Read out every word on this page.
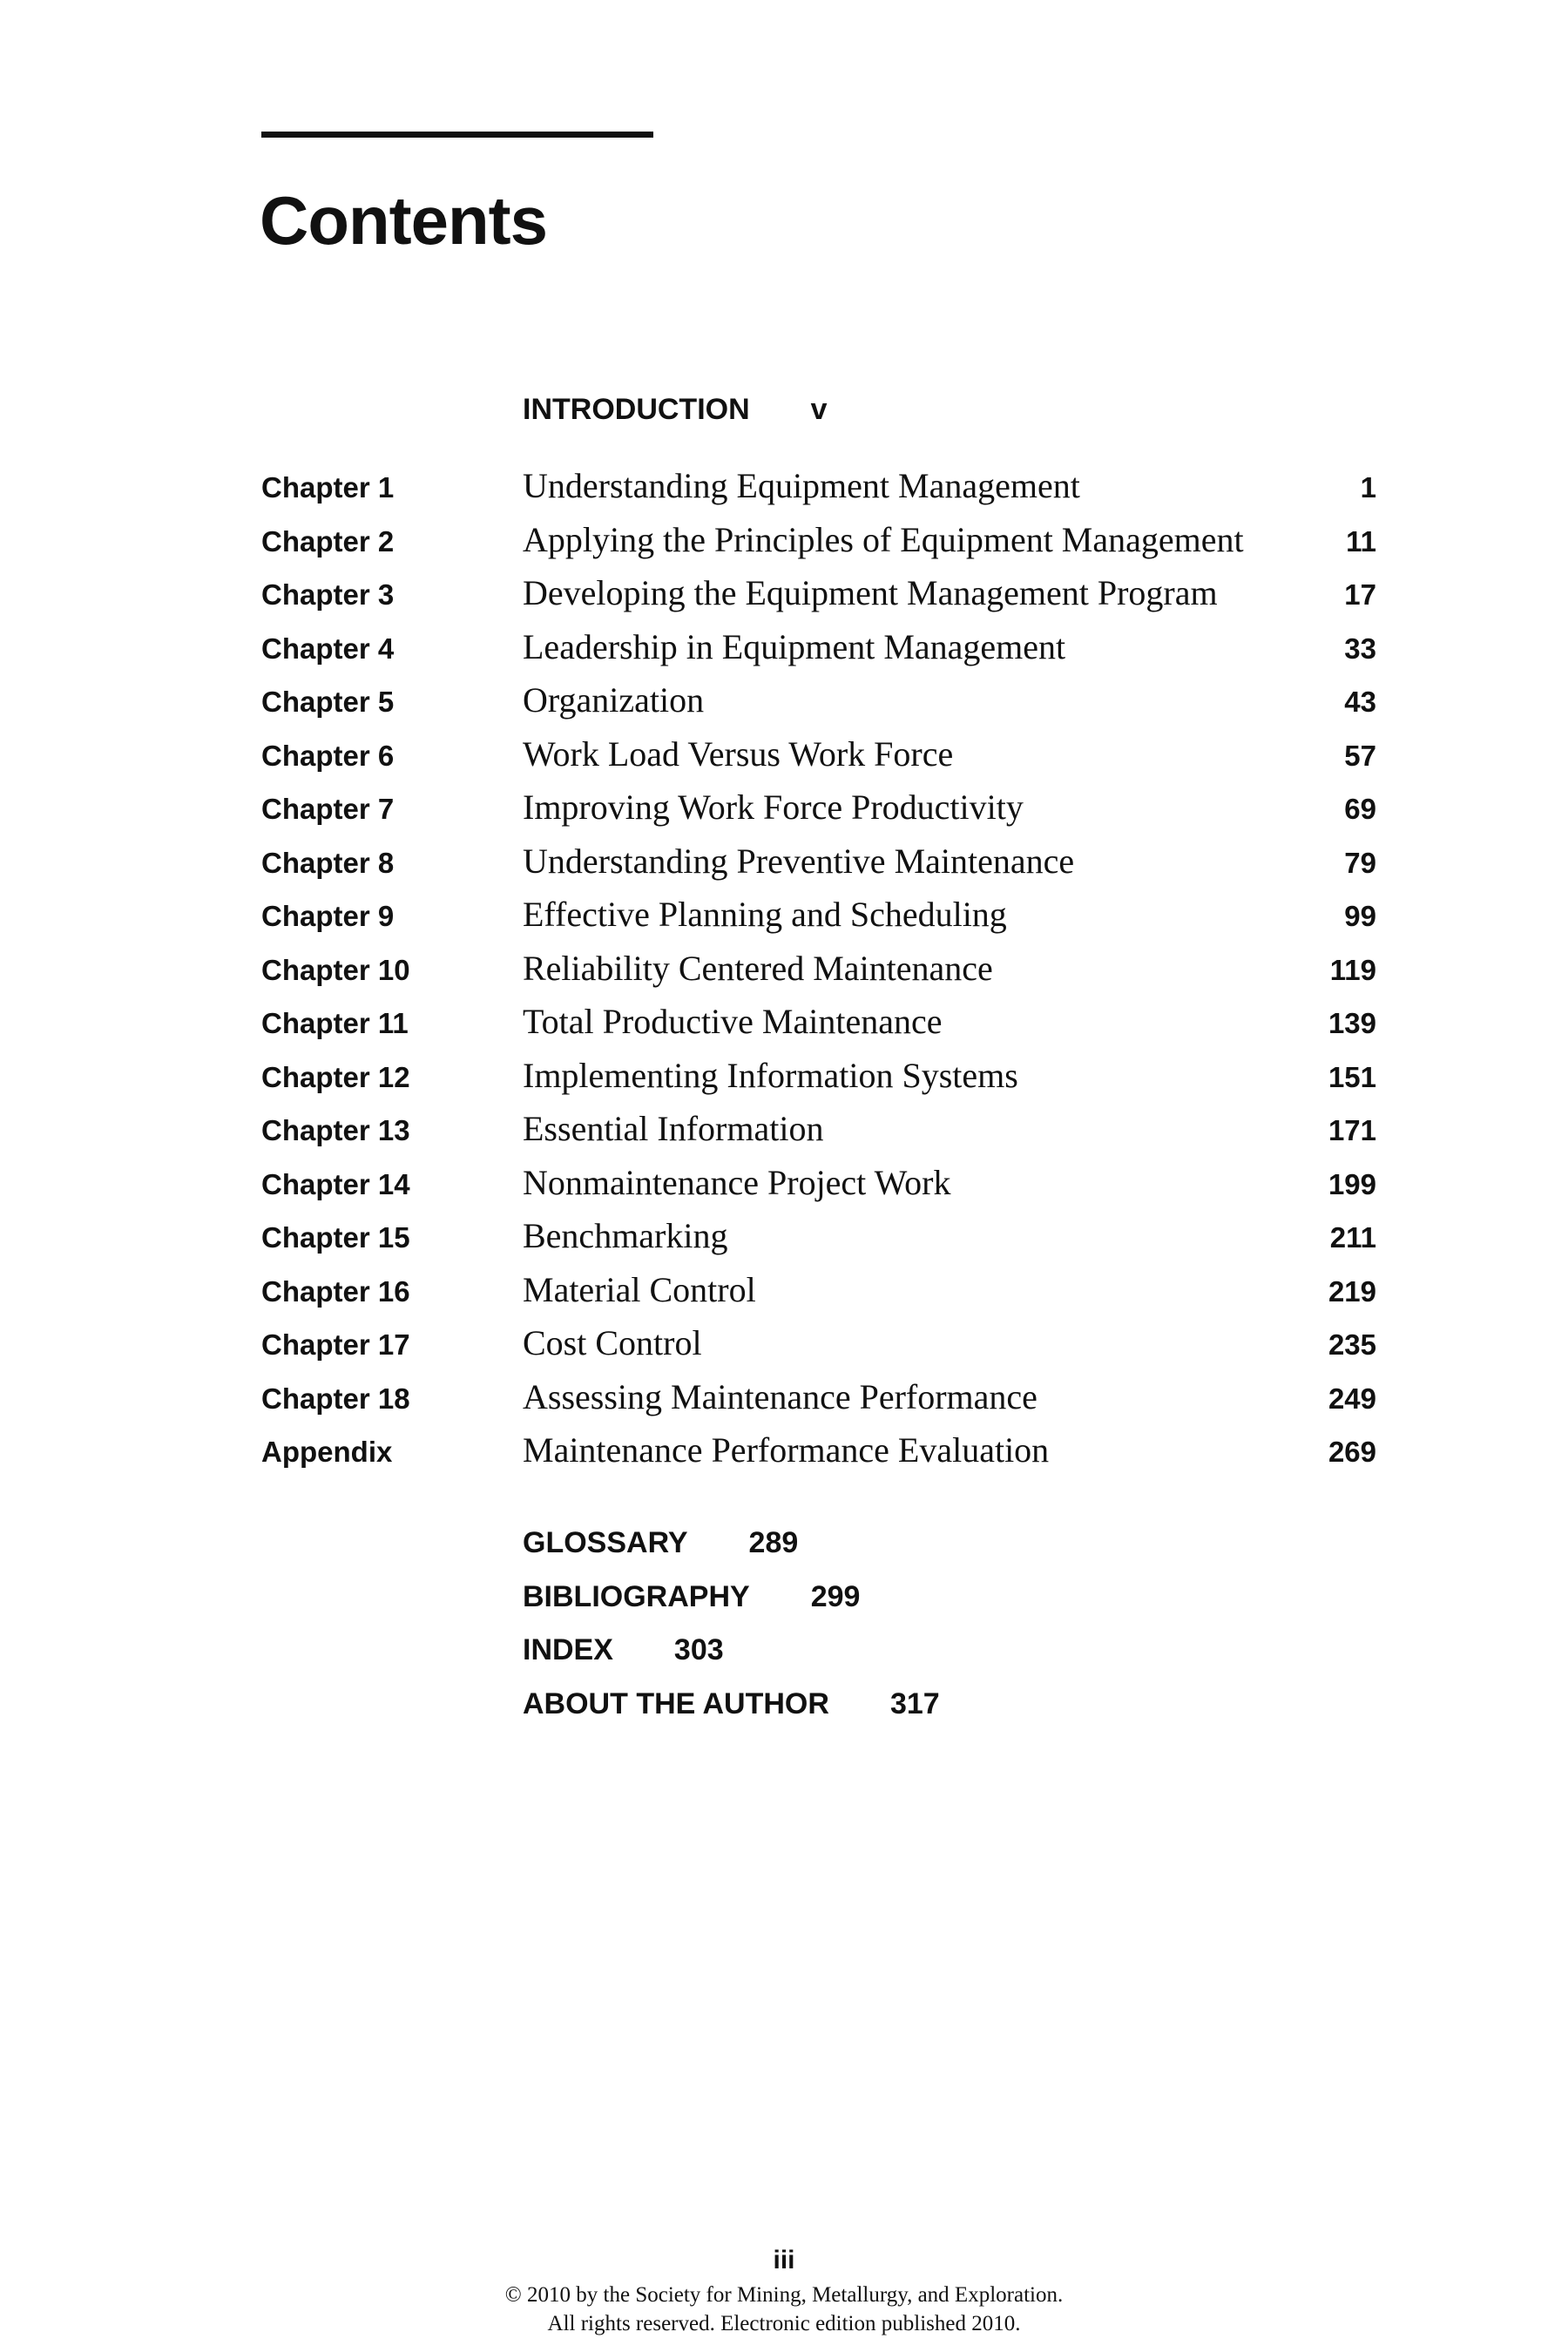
Contents
INTRODUCTION v
Chapter 1	Understanding Equipment Management	1
Chapter 2	Applying the Principles of Equipment Management	11
Chapter 3	Developing the Equipment Management Program	17
Chapter 4	Leadership in Equipment Management	33
Chapter 5	Organization	43
Chapter 6	Work Load Versus Work Force	57
Chapter 7	Improving Work Force Productivity	69
Chapter 8	Understanding Preventive Maintenance	79
Chapter 9	Effective Planning and Scheduling	99
Chapter 10	Reliability Centered Maintenance	119
Chapter 11	Total Productive Maintenance	139
Chapter 12	Implementing Information Systems	151
Chapter 13	Essential Information	171
Chapter 14	Nonmaintenance Project Work	199
Chapter 15	Benchmarking	211
Chapter 16	Material Control	219
Chapter 17	Cost Control	235
Chapter 18	Assessing Maintenance Performance	249
Appendix	Maintenance Performance Evaluation	269
GLOSSARY 289
BIBLIOGRAPHY 299
INDEX 303
ABOUT THE AUTHOR 317
iii
© 2010 by the Society for Mining, Metallurgy, and Exploration.
All rights reserved. Electronic edition published 2010.
